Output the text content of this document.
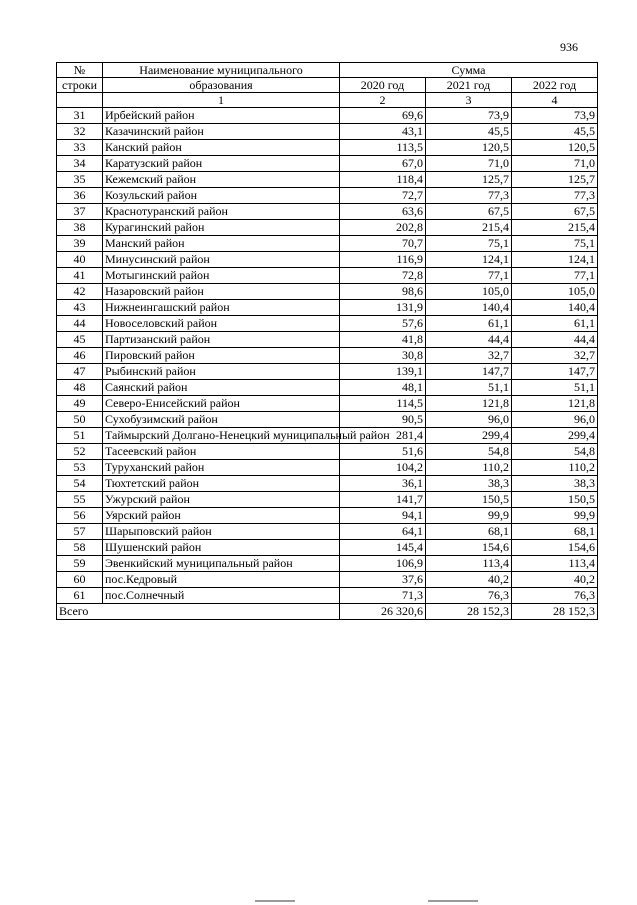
936
№	Наименование муниципального	Сумма		
строки	образования	2020 год	2021 год	2022 год
	1	2	3	4
31	Ирбейский район	69,6	73,9	73,9
32	Казачинский район	43,1	45,5	45,5
33	Канский район	113,5	120,5	120,5
34	Каратузский район	67,0	71,0	71,0
35	Кежемский район	118,4	125,7	125,7
36	Козульский район	72,7	77,3	77,3
37	Краснотуранский район	63,6	67,5	67,5
38	Курагинский район	202,8	215,4	215,4
39	Манский район	70,7	75,1	75,1
40	Минусинский район	116,9	124,1	124,1
41	Мотыгинский район	72,8	77,1	77,1
42	Назаровский район	98,6	105,0	105,0
43	Нижнеингашский район	131,9	140,4	140,4
44	Новоселовский район	57,6	61,1	61,1
45	Партизанский район	41,8	44,4	44,4
46	Пировский район	30,8	32,7	32,7
47	Рыбинский район	139,1	147,7	147,7
48	Саянский район	48,1	51,1	51,1
49	Северо-Енисейский район	114,5	121,8	121,8
50	Сухобузимский район	90,5	96,0	96,0
51	Таймырский Долгано-Ненецкий муниципальный район	281,4	299,4	299,4
52	Тасеевский район	51,6	54,8	54,8
53	Туруханский район	104,2	110,2	110,2
54	Тюхтетский район	36,1	38,3	38,3
55	Ужурский район	141,7	150,5	150,5
56	Уярский район	94,1	99,9	99,9
57	Шарыповский район	64,1	68,1	68,1
58	Шушенский район	145,4	154,6	154,6
59	Эвенкийский муниципальный район	106,9	113,4	113,4
60	пос.Кедровый	37,6	40,2	40,2
61	пос.Солнечный	71,3	76,3	76,3
Всего		26 320,6	28 152,3	28 152,3
